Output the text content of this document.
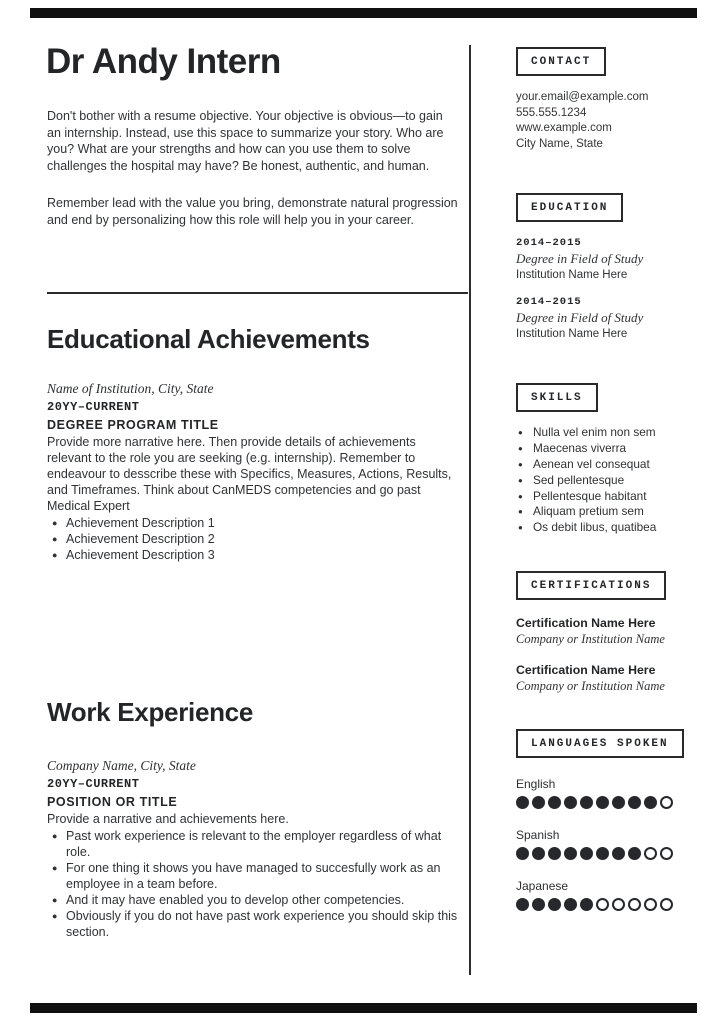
Dr Andy Intern

Don't bother with a resume objective. Your objective is obvious—to gain an internship. Instead, use this space to summarize your story. Who are you? What are your strengths and how can you use them to solve challenges the hospital may have? Be honest, authentic, and human.

Remember lead with the value you bring, demonstrate natural progression and end by personalizing how this role will help you in your career.

Educational Achievements
Name of Institution, City, State
20YY–CURRENT
DEGREE PROGRAM TITLE
Provide more narrative here. Then provide details of achievements relevant to the role you are seeking (e.g. internship). Remember to endeavour to desscribe these with Specifics, Measures, Actions, Results, and Timeframes. Think about CanMEDS competencies and go past Medical Expert
● Achievement Description 1
● Achievement Description 2
● Achievement Description 3
Work Experience
Company Name, City, State
20YY–CURRENT
POSITION OR TITLE
Provide a narrative and achievements here.
● Past work experience is relevant to the employer regardless of what role.
● For one thing it shows you have managed to succesfully work as an employee in a team before.
● And it may have enabled you to develop other competencies.
● Obviously if you do not have past work experience you should skip this section.
CONTACT
your.email@example.com
555.555.1234
www.example.com
City Name, State
EDUCATION
2014–2015
Degree in Field of Study
Institution Name Here
2014–2015
Degree in Field of Study
Institution Name Here
SKILLS
● Nulla vel enim non sem
● Maecenas viverra
● Aenean vel consequat
● Sed pellentesque
● Pellentesque habitant
● Aliquam pretium sem
● Os debit libus, quatibea
CERTIFICATIONS
Certification Name Here
Company or Institution Name
Certification Name Here
Company or Institution Name
LANGUAGES SPOKEN
English
Spanish
Japanese
